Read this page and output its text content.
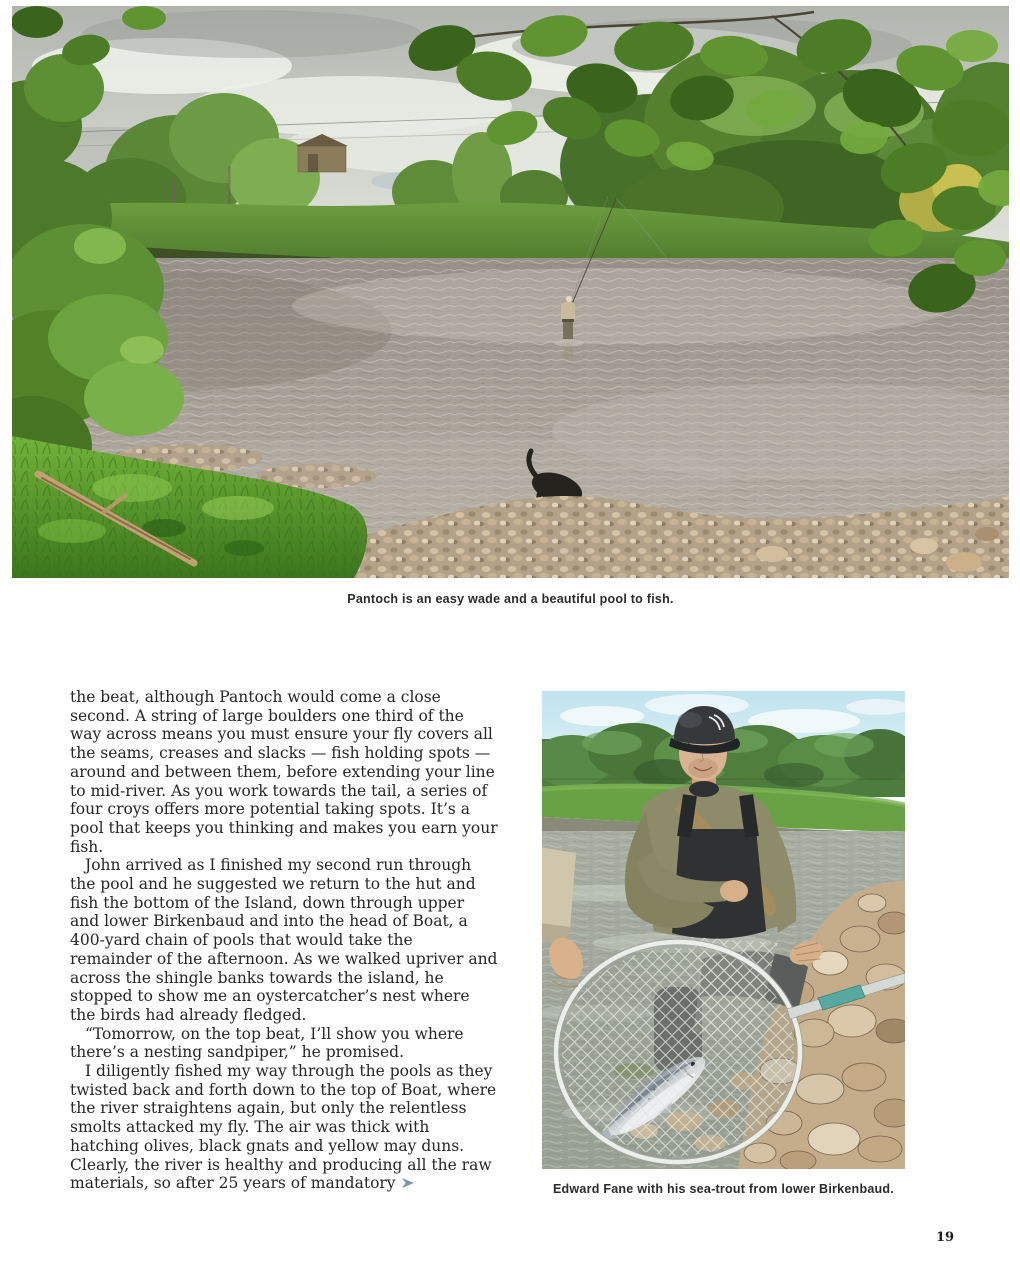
Pantoch is an easy wade and a beautiful pool to fish.

the beat, although Pantoch would come a close second. A string of large boulders one third of the way across means you must ensure your fly covers all the seams, creases and slacks — fish holding spots — around and between them, before extending your line to mid-river. As you work towards the tail, a series of four croys offers more potential taking spots. It’s a pool that keeps you thinking and makes you earn your fish.

John arrived as I finished my second run through the pool and he suggested we return to the hut and fish the bottom of the Island, down through upper and lower Birkenbaud and into the head of Boat, a 400-yard chain of pools that would take the remainder of the afternoon. As we walked upriver and across the shingle banks towards the island, he stopped to show me an oystercatcher’s nest where the birds had already fledged.

“Tomorrow, on the top beat, I’ll show you where there’s a nesting sandpiper,” he promised.

I diligently fished my way through the pools as they twisted back and forth down to the top of Boat, where the river straightens again, but only the relentless smolts attacked my fly. The air was thick with hatching olives, black gnats and yellow may duns. Clearly, the river is healthy and producing all the raw materials, so after 25 years of mandatory	Edward Fane with his sea-trout from lower Birkenbaud.
19
